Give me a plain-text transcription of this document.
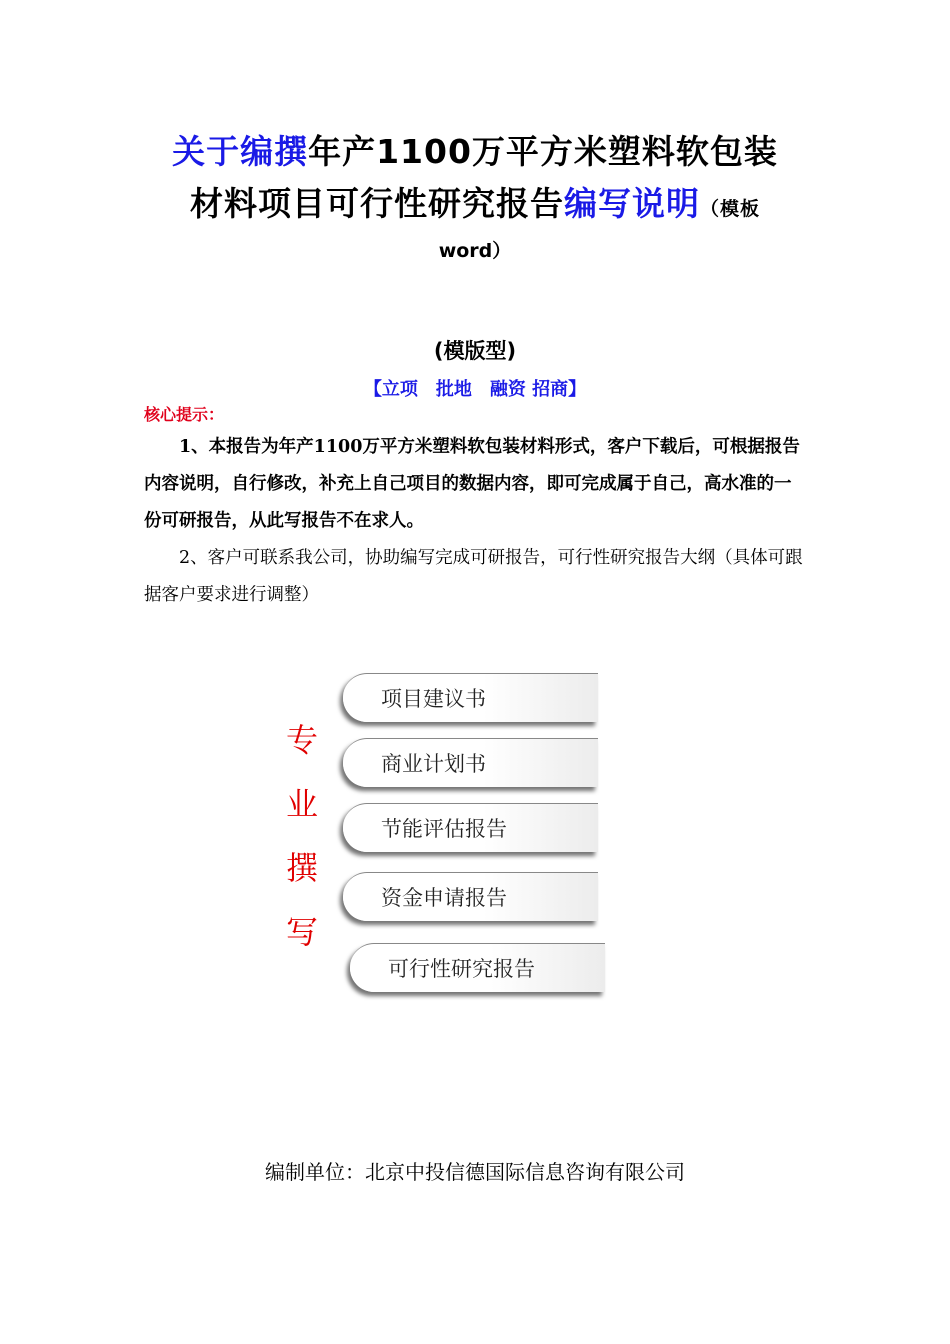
关于编撰年产1100万平方米塑料软包装
材料项目可行性研究报告编写说明（模板
word）
(模版型)
【立项　批地　融资 招商】
核心提示：

1、本报告为年产1100万平方米塑料软包装材料形式，客户下载后，可根据报告内容说明，自行修改，补充上自己项目的数据内容，即可完成属于自己，高水准的一份可研报告，从此写报告不在求人。

2、客户可联系我公司，协助编写完成可研报告，可行性研究报告大纲（具体可跟据客户要求进行调整）

专
业
撰
写
项目建议书
商业计划书
节能评估报告
资金申请报告
可行性研究报告
编制单位：北京中投信德国际信息咨询有限公司
